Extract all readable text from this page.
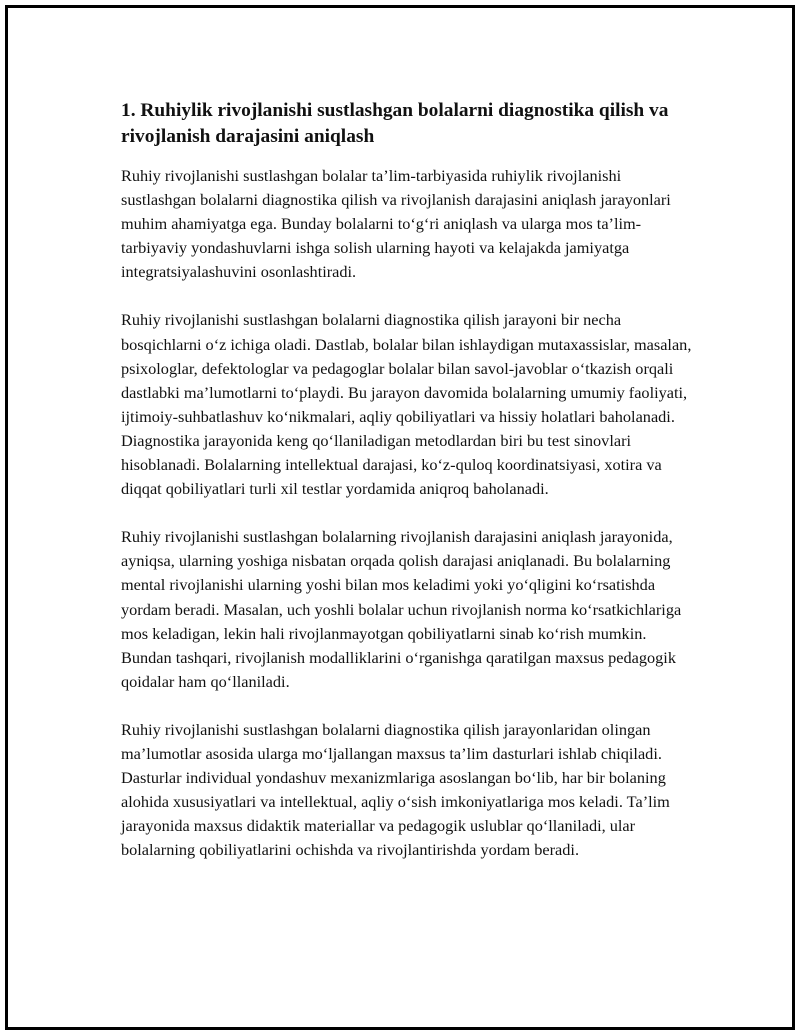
1. Ruhiylik rivojlanishi sustlashgan bolalarni diagnostika qilish va rivojlanish darajasini aniqlash

Ruhiy rivojlanishi sustlashgan bolalar ta’lim-tarbiyasida ruhiylik rivojlanishi sustlashgan bolalarni diagnostika qilish va rivojlanish darajasini aniqlash jarayonlari muhim ahamiyatga ega. Bunday bolalarni to‘g‘ri aniqlash va ularga mos ta’lim-tarbiyaviy yondashuvlarni ishga solish ularning hayoti va kelajakda jamiyatga integratsiyalashuvini osonlashtiradi.

Ruhiy rivojlanishi sustlashgan bolalarni diagnostika qilish jarayoni bir necha bosqichlarni o‘z ichiga oladi. Dastlab, bolalar bilan ishlaydigan mutaxassislar, masalan, psixologlar, defektologlar va pedagoglar bolalar bilan savol-javoblar o‘tkazish orqali dastlabki ma’lumotlarni to‘playdi. Bu jarayon davomida bolalarning umumiy faoliyati, ijtimoiy-suhbatlashuv ko‘nikmalari, aqliy qobiliyatlari va hissiy holatlari baholanadi. Diagnostika jarayonida keng qo‘llaniladigan metodlardan biri bu test sinovlari hisoblanadi. Bolalarning intellektual darajasi, ko‘z-quloq koordinatsiyasi, xotira va diqqat qobiliyatlari turli xil testlar yordamida aniqroq baholanadi.

Ruhiy rivojlanishi sustlashgan bolalarning rivojlanish darajasini aniqlash jarayonida, ayniqsa, ularning yoshiga nisbatan orqada qolish darajasi aniqlanadi. Bu bolalarning mental rivojlanishi ularning yoshi bilan mos keladimi yoki yo‘qligini ko‘rsatishda yordam beradi. Masalan, uch yoshli bolalar uchun rivojlanish norma ko‘rsatkichlariga mos keladigan, lekin hali rivojlanmayotgan qobiliyatlarni sinab ko‘rish mumkin. Bundan tashqari, rivojlanish modalliklarini o‘rganishga qaratilgan maxsus pedagogik qoidalar ham qo‘llaniladi.

Ruhiy rivojlanishi sustlashgan bolalarni diagnostika qilish jarayonlaridan olingan ma’lumotlar asosida ularga mo‘ljallangan maxsus ta’lim dasturlari ishlab chiqiladi. Dasturlar individual yondashuv mexanizmlariga asoslangan bo‘lib, har bir bolaning alohida xususiyatlari va intellektual, aqliy o‘sish imkoniyatlariga mos keladi. Ta’lim jarayonida maxsus didaktik materiallar va pedagogik uslublar qo‘llaniladi, ular bolalarning qobiliyatlarini ochishda va rivojlantirishda yordam beradi.
